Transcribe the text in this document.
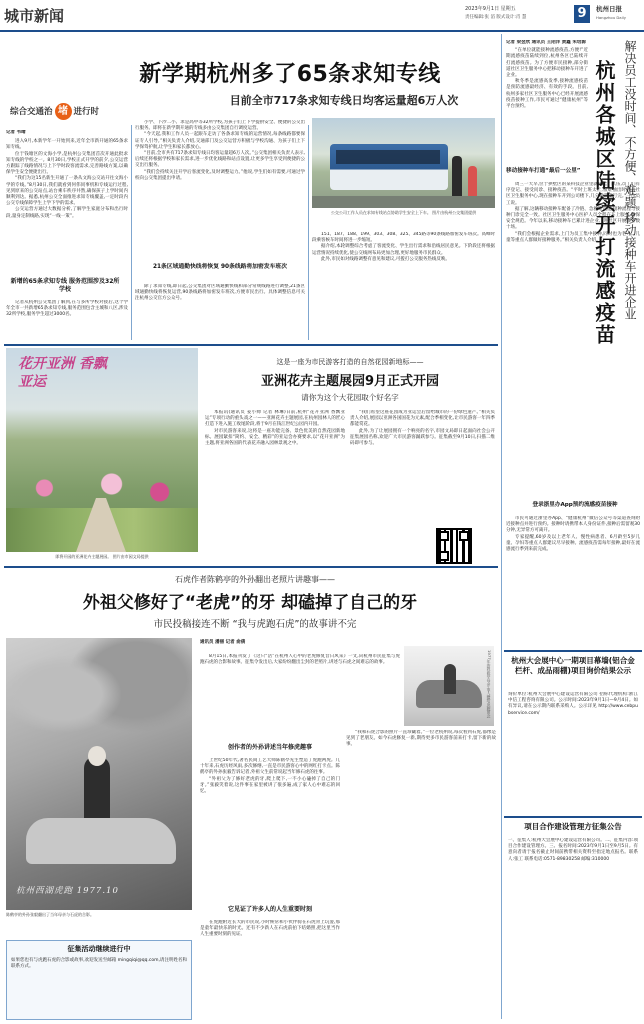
城市新闻	2023年9月1日 星期五
责任编辑:张 滔 版式设计:肖 慧	9	杭州日报
Hangzhou Daily
新学期杭州多了65条求知专线
目前全市717条求知专线日均客运量超6万人次
综合交通治 堵 进行时
记者 韦晴

进入9月,本新学年一开始到来,近年全市新开通的65条求知专线。

位于钱塘区的文海小学,是杭州公交集团首次开通此批求知专线的学校之一。8月30日,学校正式开学的前夕,公交运营方跟踪了线路情况与上下学时段客流需求,完善路线方案,以确保学生安全便捷出行。

“我们为这15名新生开通了一条从文海公交站开往文海小学的专线。”8月30日,我们就看到何伟同事机和专线运行过程,见到原来的公交站点,站台乘车秩序井然,确保孩子上学时间内顺利到达。据悉,杭州公交全面推进求知专线覆盖,一定时段内公交专线保障学生上学下学的需求。

公交运营方通过大数据分析,了解学生家庭分布和出行时段,量身定制线路,实现“一线一策”。

新增的65条求知专线 服务范围涉及32所学校
记者从杭州公交集团了解到,在与多所学校对接后,这个学年全市一共新增65条求知专线,服务范围包含主城和八区,涉及32所学校,服务学生超过3000名。

小学、下沙二小、求是高中等32所学校,为孩子们上下学提供安全、便捷的公交出行服务。即将在新学期开通的专线多由公交集团自行调度运营。

“今天起,我和工作人员一起跟车走访了各条求知专线的运营情况,每条线路都要保证专人引导。”相关负责人介绍,交通部门及公交运营方积极与学校沟通、为孩子们上下学保驾护航,让学生和家长都放心。

“目前,全市共有717条求知专线日均客运量超6万人次。”公交集团相关负责人表示,后续还将根据学校和家长需求,进一步优化线路和站点设置,让更多学生享受到便捷的公交出行服务。

“我们会持续关注开学后客流变化,及时调整运力。”他说,学生们如有需要,可通过学校向公交集团提出申请。

21条区域通勤快线将恢复 90条线路将加密发车班次
除了求知专线,即日起,公交集团对区域通勤快线和部分常规线路进行调整,21条区域通勤快线将恢复运营,90条线路将加密发车班次,方便市民出行。具体调整信息可关注杭州公交官方公众号。
公交公司工作人员在求知专线站点协助学生安全上下车。 图片由杭州公交集团提供

151、187、188、199、303、308、325、345路等90条线路加密发车班次。高峰时段乘客候车时间将进一步缩短。

据介绍,本轮调整综合考虑了客流变化、学生出行需求和沿线居民意见。下阶段还将根据运营情况持续优化,使公交线网布局更加合理,更好地服务市民群众。

此外,市民如对线路调整有意见和建议,可拨打公交服务热线反映。	杭州各城区陆续开打流感疫苗 解决员工没时间、不方便、难题 移动接种车开进企业
记者 梁翌欣 通讯员 王陌洋 黄鑫 朱培源

“在单位就能接种流感疫苗,方便!”近期流感疫苗陆续到位,杭州各区已陆续开打流感疫苗。为了方便市民接种,部分街道社区卫生服务中心把移动接种车开进了企业。

秋冬季是流感高发季,接种流感疫苗是预防流感最经济、有效的手段。目前,杭州多家社区卫生服务中心已经开展流感疫苗接种工作,市民可通过“健康杭州”等平台预约。

移动接种车打通“最后一公里”

周三一大早,位于拱墅区的某科技企业里就排起了队伍,员工们有序登记、接受问诊、接种疫苗。“平时上班太忙,很难抽出时间去社区卫生服务中心,现在接种车开到公司楼下,几分钟就能打完。”一位员工说。

据了解,这辆移动接种车配备了冷链、急救等设施,接种流程与接种门诊完全一致。社区卫生服务中心医护人员全程在车上服务,确保安全规范。今年以来,移动接种车已累计进企业、进社区开展服务数十场。

“我们会根据企业需求,上门为员工集中接种,同时也为老人、儿童等重点人群做好接种服务。”相关负责人介绍。

登录浙里办App预约流感疫苗接种

市民可通过浙里办App、“健康杭州”微信公众号等渠道查询附近接种点并进行预约。接种时请携带本人身份证件,接种后需留观30分钟,无异常方可离开。

专家提醒,60岁及以上老年人、慢性病患者、6月龄至5岁儿童、孕妇等重点人群建议尽早接种。流感疫苗需每年接种,最好在流感流行季到来前完成。

花开亚洲 香飘亚运
即将开园的亚洲花卉主题展园。 图片由市园文局提供
这是一座为市民游客打造的自然花园新地标——
亚洲花卉主题展园9月正式开园
请你为这个大花园取个好名字

本报讯(通讯员 姜小帅 记者 林琳)日前,杭州“花开亚洲 香飘亚运”专项行动的重头戏之一——亚洲花卉主题展园,在杭州园林人的匠心打造下进入施工收尾阶段,将于9月在钱江世纪公园内开园。

对市民游客来说,这将是一座功能完备、景色优美的自然花园新地标。展园紧扣“简约、安全、精彩”的亚运会办赛要求,以“花开亚洲”为主题,将亚洲各国的代表花卉融入园林景观之中。

“我们希望这座花园成为亚运会后留给城市的一份绿色遗产。”相关负责人介绍,展园以亚洲各国国花为元素,配合季相变化,让市民游客一年四季都能赏花。

此外,为了让展园拥有一个响亮的名字,市园文局即日起面向社会公开征集展园名称,欢迎广大市民游客踊跃参与。征集截至9月10日,扫描二维码即可参与。

石虎作者陈鹤亭的外孙翻出老照片讲趣事——
外祖父修好了“老虎”的牙 却磕掉了自己的牙
市民投稿接连不断 “我与虎跑石虎”的故事讲不完
杭州西湖虎跑 1977.10
陈鹤亭的外孙张毅翻出了当年母亲与石虎的合影。
通讯员 潘丽 记者 俞倩
8月15日,本报刊发了《这只“活”在杭州人心中的老虎修复昔日风采》一文,向杭州市民征集与虎跑石虎的合影和故事。征集令发出后,大家纷纷翻出尘封的老照片,讲述与石虎之间难忘的故事。	1977年的陈毅亭母亲,家人赠给虎跑留念
创作者的外孙讲述当年修虎趣事

上世纪50年代,著名民间工艺大师陈鹤亭先生塑造了虎跑两虎。几十年来,石虎历经风雨,多次修缮,一直是市民游客心中的网红打卡点。陈鹤亭的外孙张毅告诉记者,外祖父生前常说起当年修石虎的往事。

“外祖父为了修好老虎的牙,爬上爬下,一不小心磕掉了自己的门牙。”张毅笑着说,这件事在家里被讲了很多遍,成了家人心中难忘的回忆。

“我和石虎合影的照片一直珍藏着。”一位老杭州说,每次看到石虎,都像是见到了老朋友。如今石虎修复一新,期待更多市民游客前来打卡,留下新的故事。

它见证了许多人的人生重要时刻

在虎跑附近长大的市民说,小时候常和小伙伴骑在石虎背上玩耍,那是童年最快乐的时光。还有不少新人在石虎前拍下结婚照,把这里当作人生重要时刻的见证。

征集活动继续进行中
如果您也有与虎跑石虎的合影或故事,欢迎发送至邮箱 mingqiqi@qq.com,请注明姓名和联系方式。
杭州大会展中心一期项目幕墙(铝合金栏杆、成品雨棚)项目询价结果公示
询价单位:杭州大会展中心建设运营有限公司 招标代理机构:浙江中信工程咨询有限公司。公示时间:2023年9月1日—9月4日。如有异议,请在公示期内联系采购人。公示详见 http://www.cebpubservice.com/
项目合作建设管理方征集公告
一、征集人:杭州大会展中心建设运营有限公司。二、征集内容:项目合作建设管理方。三、报名时间:2023年9月1日至9月5日。有意向者请于报名截止时间前携带相关资料至指定地点报名。联系人:张工 联系电话:0571-89830258 邮编:310000
